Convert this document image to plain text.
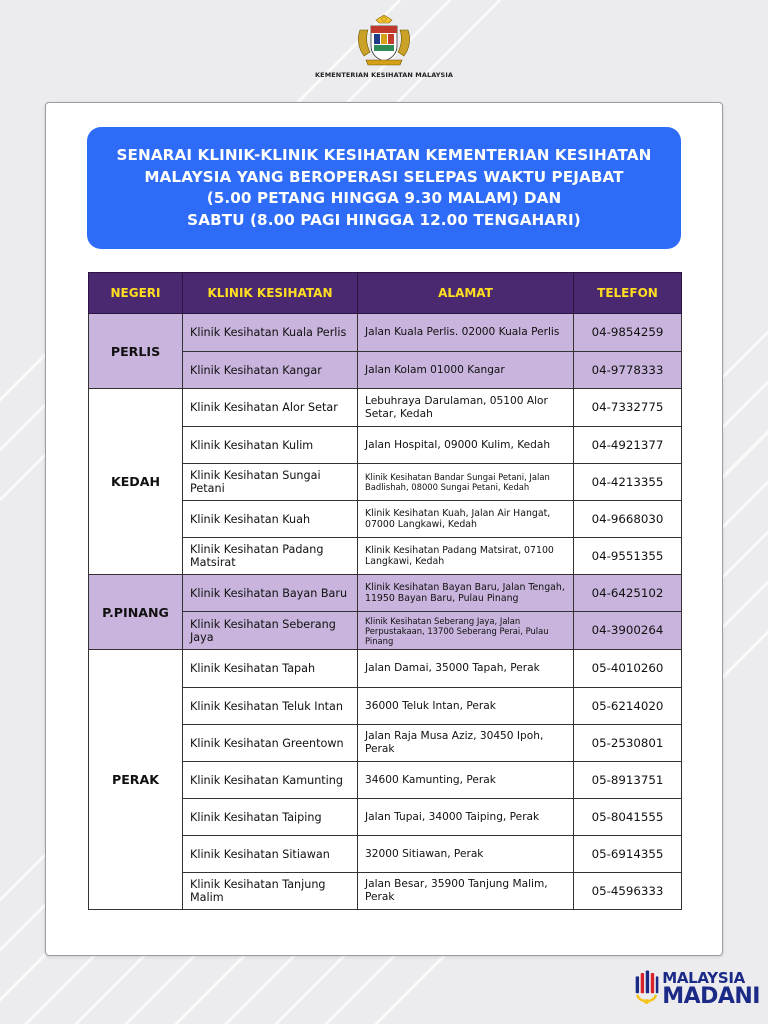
KEMENTERIAN KESIHATAN MALAYSIA
SENARAI KLINIK-KLINIK KESIHATAN KEMENTERIAN KESIHATAN
MALAYSIA YANG BEROPERASI SELEPAS WAKTU PEJABAT
(5.00 PETANG HINGGA 9.30 MALAM) DAN
SABTU (8.00 PAGI HINGGA 12.00 TENGAHARI)
NEGERI	KLINIK KESIHATAN	ALAMAT	TELEFON
PERLIS	Klinik Kesihatan Kuala Perlis	Jalan Kuala Perlis. 02000 Kuala Perlis	04-9854259
	Klinik Kesihatan Kangar	Jalan Kolam 01000 Kangar	04-9778333
KEDAH	Klinik Kesihatan Alor Setar	Lebuhraya Darulaman, 05100 Alor Setar, Kedah	04-7332775
	Klinik Kesihatan Kulim	Jalan Hospital, 09000 Kulim, Kedah	04-4921377
	Klinik Kesihatan Sungai Petani	Klinik Kesihatan Bandar Sungai Petani, Jalan Badlishah, 08000 Sungai Petani, Kedah	04-4213355
	Klinik Kesihatan Kuah	Klinik Kesihatan Kuah, Jalan Air Hangat, 07000 Langkawi, Kedah	04-9668030
	Klinik Kesihatan Padang Matsirat	Klinik Kesihatan Padang Matsirat, 07100 Langkawi, Kedah	04-9551355
P.PINANG	Klinik Kesihatan Bayan Baru	Klinik Kesihatan Bayan Baru, Jalan Tengah, 11950 Bayan Baru, Pulau Pinang	04-6425102
	Klinik Kesihatan Seberang Jaya	Klinik Kesihatan Seberang Jaya, Jalan Perpustakaan, 13700 Seberang Perai, Pulau Pinang	04-3900264
PERAK	Klinik Kesihatan Tapah	Jalan Damai, 35000 Tapah, Perak	05-4010260
	Klinik Kesihatan Teluk Intan	36000 Teluk Intan, Perak	05-6214020
	Klinik Kesihatan Greentown	Jalan Raja Musa Aziz, 30450 Ipoh, Perak	05-2530801
	Klinik Kesihatan Kamunting	34600 Kamunting, Perak	05-8913751
	Klinik Kesihatan Taiping	Jalan Tupai, 34000 Taiping, Perak	05-8041555
	Klinik Kesihatan Sitiawan	32000 Sitiawan, Perak	05-6914355
	Klinik Kesihatan Tanjung Malim	Jalan Besar, 35900 Tanjung Malim, Perak	05-4596333
MALAYSIA
MADANI
